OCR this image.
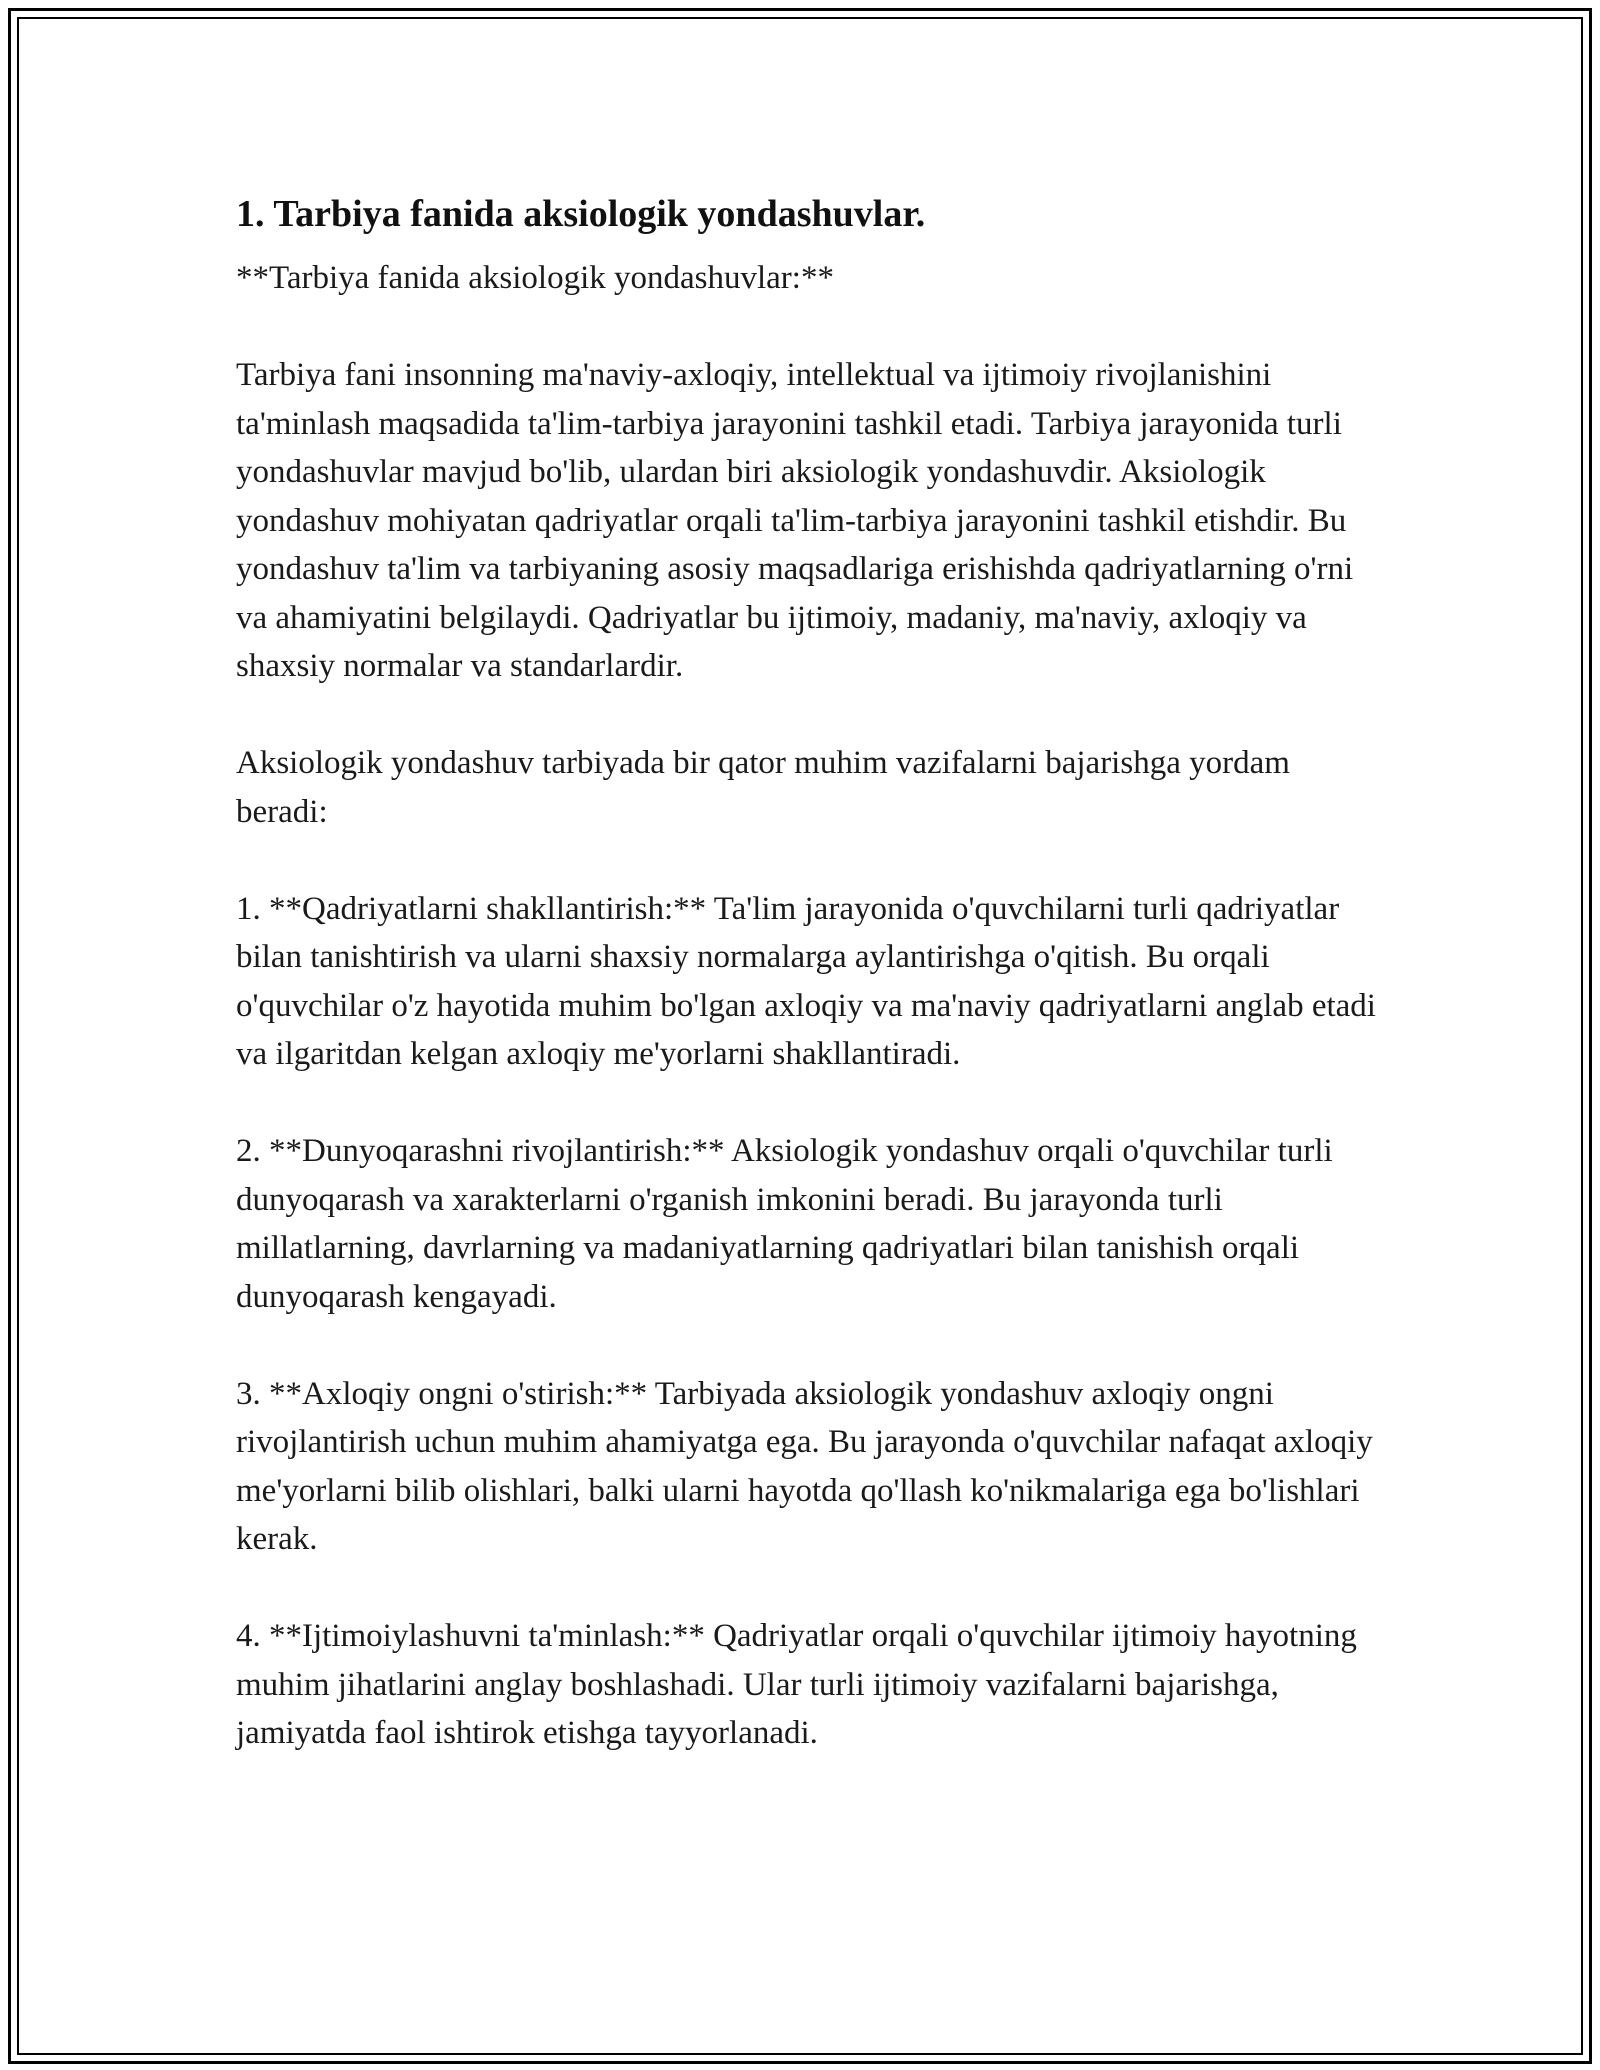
1. Tarbiya fanida aksiologik yondashuvlar.

**Tarbiya fanida aksiologik yondashuvlar:**

Tarbiya fani insonning ma'naviy-axloqiy, intellektual va ijtimoiy rivojlanishini ta'minlash maqsadida ta'lim-tarbiya jarayonini tashkil etadi. Tarbiya jarayonida turli yondashuvlar mavjud bo'lib, ulardan biri aksiologik yondashuvdir. Aksiologik yondashuv mohiyatan qadriyatlar orqali ta'lim-tarbiya jarayonini tashkil etishdir. Bu yondashuv ta'lim va tarbiyaning asosiy maqsadlariga erishishda qadriyatlarning o'rni va ahamiyatini belgilaydi. Qadriyatlar bu ijtimoiy, madaniy, ma'naviy, axloqiy va shaxsiy normalar va standarlardir.

Aksiologik yondashuv tarbiyada bir qator muhim vazifalarni bajarishga yordam beradi:

1. **Qadriyatlarni shakllantirish:** Ta'lim jarayonida o'quvchilarni turli qadriyatlar bilan tanishtirish va ularni shaxsiy normalarga aylantirishga o'qitish. Bu orqali o'quvchilar o'z hayotida muhim bo'lgan axloqiy va ma'naviy qadriyatlarni anglab etadi va ilgaritdan kelgan axloqiy me'yorlarni shakllantiradi.

2. **Dunyoqarashni rivojlantirish:** Aksiologik yondashuv orqali o'quvchilar turli dunyoqarash va xarakterlarni o'rganish imkonini beradi. Bu jarayonda turli millatlarning, davrlarning va madaniyatlarning qadriyatlari bilan tanishish orqali dunyoqarash kengayadi.

3. **Axloqiy ongni o'stirish:** Tarbiyada aksiologik yondashuv axloqiy ongni rivojlantirish uchun muhim ahamiyatga ega. Bu jarayonda o'quvchilar nafaqat axloqiy me'yorlarni bilib olishlari, balki ularni hayotda qo'llash ko'nikmalariga ega bo'lishlari kerak.

4. **Ijtimoiylashuvni ta'minlash:** Qadriyatlar orqali o'quvchilar ijtimoiy hayotning muhim jihatlarini anglay boshlashadi. Ular turli ijtimoiy vazifalarni bajarishga, jamiyatda faol ishtirok etishga tayyorlanadi.
